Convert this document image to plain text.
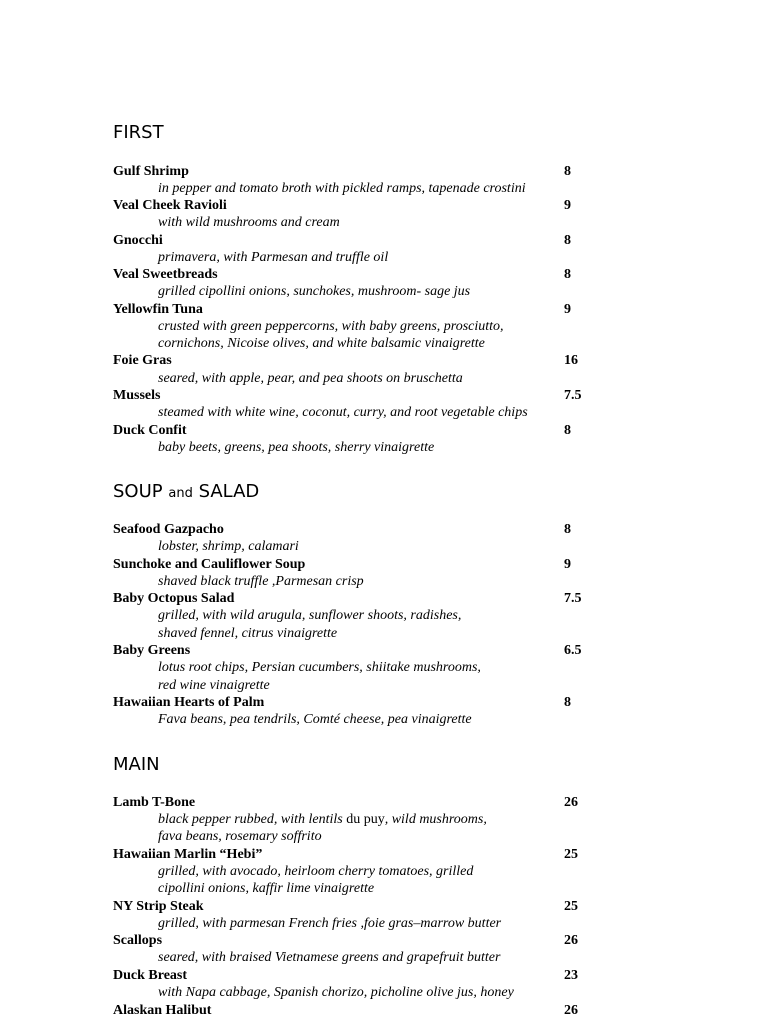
FIRST
Gulf Shrimp	8
in pepper and tomato broth with pickled ramps, tapenade crostini
Veal Cheek Ravioli	9
with wild mushrooms and cream
Gnocchi	8
primavera, with Parmesan and truffle oil
Veal Sweetbreads	8
grilled cipollini onions, sunchokes, mushroom- sage jus
Yellowfin Tuna	9
crusted with green peppercorns, with baby greens, prosciutto,
cornichons, Nicoise olives, and white balsamic vinaigrette
Foie Gras	16
seared, with apple, pear, and pea shoots on bruschetta
Mussels	7.5
steamed with white wine, coconut, curry, and root vegetable chips
Duck Confit	8
baby beets, greens, pea shoots, sherry vinaigrette
SOUP and SALAD
Seafood Gazpacho	8
lobster, shrimp, calamari
Sunchoke and Cauliflower Soup	9
shaved black truffle ,Parmesan crisp
Baby Octopus Salad	7.5
grilled, with wild arugula, sunflower shoots, radishes,
shaved fennel, citrus vinaigrette
Baby Greens	6.5
lotus root chips, Persian cucumbers, shiitake mushrooms,
red wine vinaigrette
Hawaiian Hearts of Palm	8
Fava beans, pea tendrils, Comté cheese, pea vinaigrette
MAIN
Lamb T-Bone	26
black pepper rubbed, with lentils du puy, wild mushrooms,
fava beans, rosemary soffrito
Hawaiian Marlin “Hebi”	25
grilled, with avocado, heirloom cherry tomatoes, grilled
cipollini onions, kaffir lime vinaigrette
NY Strip Steak	25
grilled, with parmesan French fries ,foie gras–marrow butter
Scallops	26
seared, with braised Vietnamese greens and grapefruit butter
Duck Breast	23
with Napa cabbage, Spanish chorizo, picholine olive jus, honey
Alaskan Halibut	26
